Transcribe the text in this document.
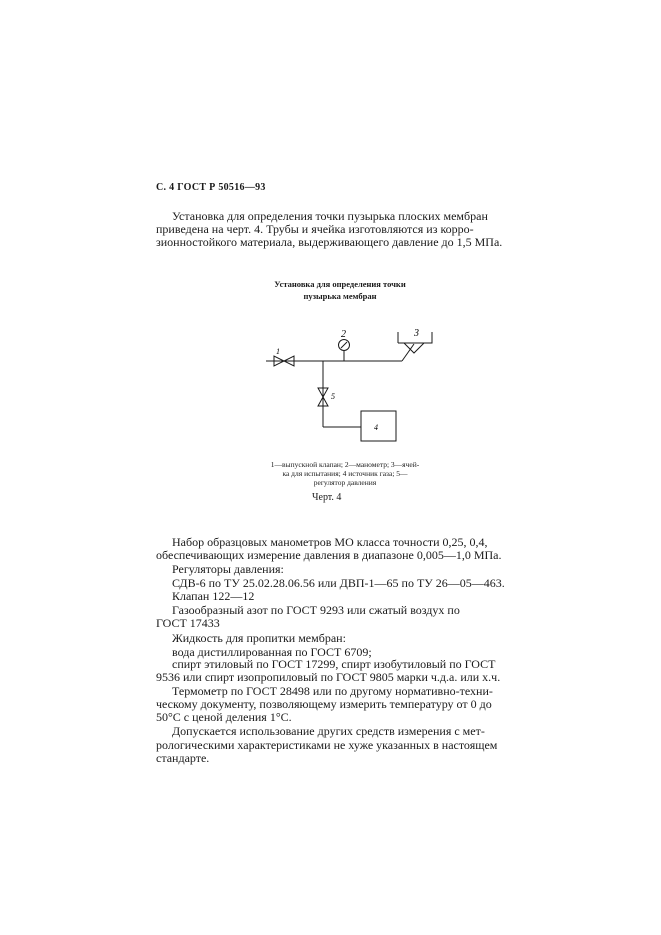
С. 4 ГОСТ Р 50516—93
Установка для определения точки пузырька плоских мембран
приведена на черт. 4. Трубы и ячейка изготовляются из корро-
зионностойкого материала, выдерживающего давление до 1,5 МПа.
Установка для определения точки
пузырька мембран
1
2	3
4
5
1—выпускной клапан; 2—манометр; 3—ячей-
ка для испытания; 4 источник газа; 5—
регулятор давления
Черт. 4
Набор образцовых манометров МО класса точности 0,25, 0,4,
обеспечивающих измерение давления в диапазоне 0,005—1,0 МПа.
Регуляторы давления:
СДВ-6 по ТУ 25.02.28.06.56 или ДВП-1—65 по ТУ 26—05—463.
Клапан 122—12
Газообразный азот по ГОСТ 9293 или сжатый воздух по
ГОСТ 17433
Жидкость для пропитки мембран:
вода дистиллированная по ГОСТ 6709;
спирт этиловый по ГОСТ 17299, спирт изобутиловый по ГОСТ
9536 или спирт изопропиловый по ГОСТ 9805 марки ч.д.а. или х.ч.
Термометр по ГОСТ 28498 или по другому нормативно-техни-
ческому документу, позволяющему измерить температуру от 0 до
50°С с ценой деления 1°С.
Допускается использование других средств измерения с мет-
рологическими характеристиками не хуже указанных в настоящем
стандарте.
